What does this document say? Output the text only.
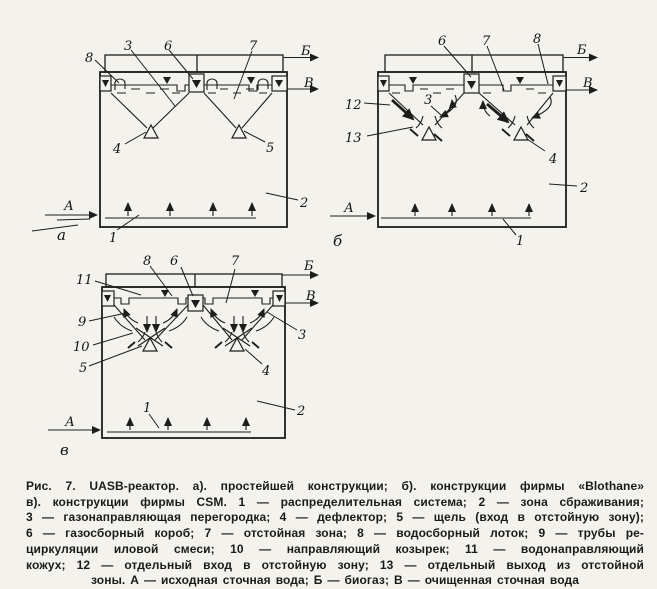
8
3 6	7	Б
В
4	5
2
1
А
а
6	7	8
Б
В
12	3
13
4
2
1
А
б
11
8 6	7	Б
В
9
10
5	4
3
2
1
А
в
Рис. 7. UASB-реактор. а). простейшей конструкции; б). конструкции фирмы «Blothane»
в). конструкции фирмы CSM. 1 — распределительная система; 2 — зона сбраживания;
3 — газонаправляющая перегородка; 4 — дефлектор; 5 — щель (вход в отстойную зону);
6 — газосборный короб; 7 — отстойная зона; 8 — водосборный лоток; 9 — трубы ре-
циркуляции иловой смеси; 10 — направляющий козырек; 11 — водонаправляющий
кожух; 12 — отдельный вход в отстойную зону; 13 — отдельный выход из отстойной
зоны. А — исходная сточная вода; Б — биогаз; В — очищенная сточная вода
